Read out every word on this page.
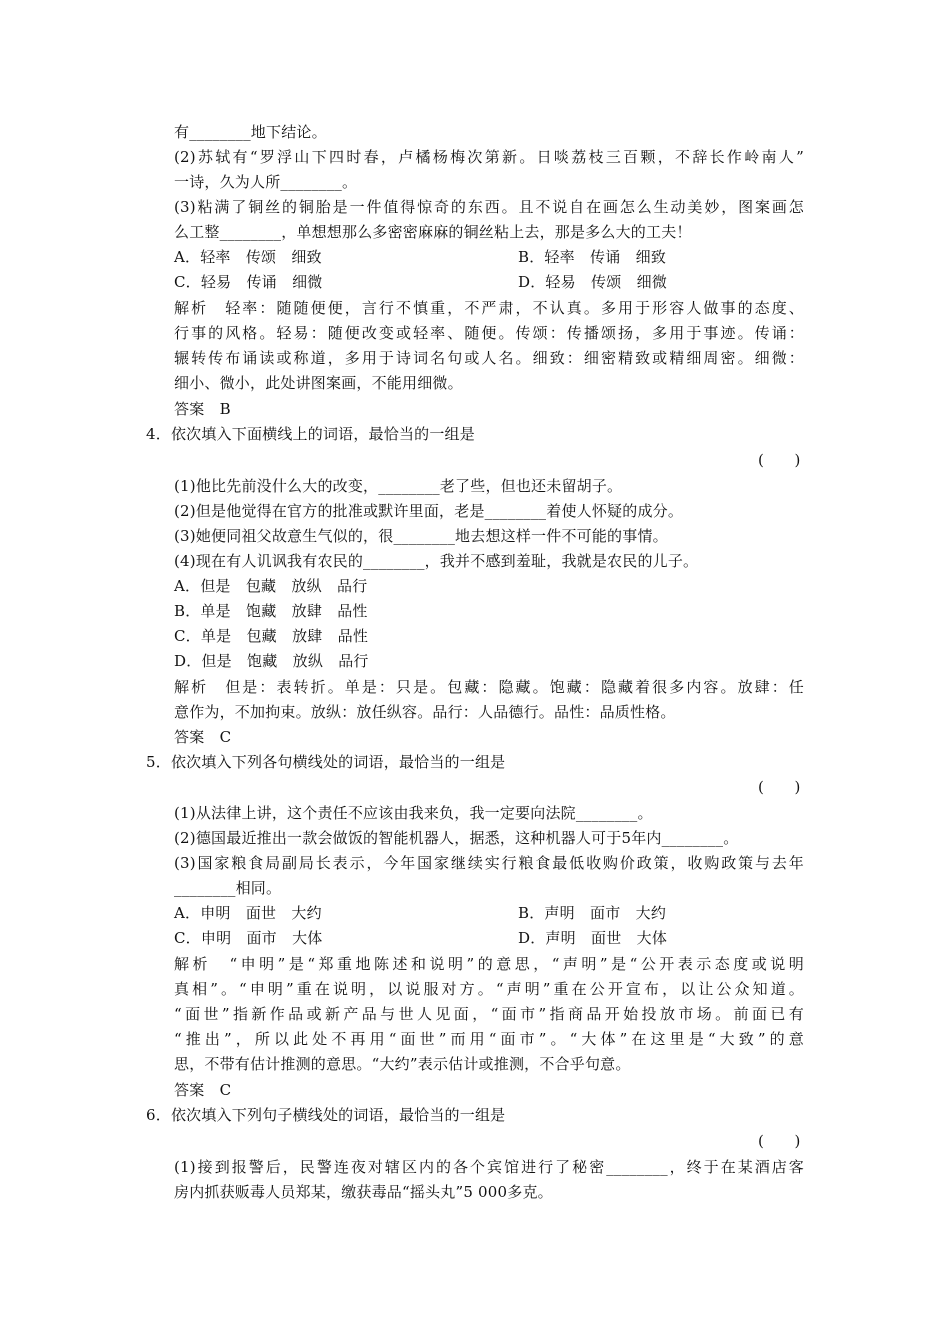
有________地下结论。
(2)苏轼有“罗浮山下四时春，卢橘杨梅次第新。日啖荔枝三百颗，不辞长作岭南人”
一诗，久为人所________。
(3)粘满了铜丝的铜胎是一件值得惊奇的东西。且不说自在画怎么生动美妙，图案画怎
么工整________，单想想那么多密密麻麻的铜丝粘上去，那是多么大的工夫！
A．轻率　传颂　细致	B．轻率　传诵　细致
C．轻易　传诵　细微	D．轻易　传颂　细微
解析　轻率：随随便便，言行不慎重，不严肃，不认真。多用于形容人做事的态度、
行事的风格。轻易：随便改变或轻率、随便。传颂：传播颂扬，多用于事迹。传诵：
辗转传布诵读或称道，多用于诗词名句或人名。细致：细密精致或精细周密。细微：
细小、微小，此处讲图案画，不能用细微。
答案　B
4．依次填入下面横线上的词语，最恰当的一组是
(　　)
(1)他比先前没什么大的改变，________老了些，但也还未留胡子。
(2)但是他觉得在官方的批准或默许里面，老是________着使人怀疑的成分。
(3)她便同祖父故意生气似的，很________地去想这样一件不可能的事情。
(4)现在有人讥讽我有农民的________，我并不感到羞耻，我就是农民的儿子。
A．但是　包藏　放纵　品行
B．单是　饱藏　放肆　品性
C．单是　包藏　放肆　品性
D．但是　饱藏　放纵　品行
解析　但是：表转折。单是：只是。包藏：隐藏。饱藏：隐藏着很多内容。放肆：任
意作为，不加拘束。放纵：放任纵容。品行：人品德行。品性：品质性格。
答案　C
5．依次填入下列各句横线处的词语，最恰当的一组是
(　　)
(1)从法律上讲，这个责任不应该由我来负，我一定要向法院________。
(2)德国最近推出一款会做饭的智能机器人，据悉，这种机器人可于5年内________。
(3)国家粮食局副局长表示，今年国家继续实行粮食最低收购价政策，收购政策与去年
________相同。
A．申明　面世　大约	B．声明　面市　大约
C．申明　面市　大体	D．声明　面世　大体
解析　“申明”是“郑重地陈述和说明”的意思，“声明”是“公开表示态度或说明
真相”。“申明”重在说明，以说服对方。“声明”重在公开宣布，以让公众知道。
“面世”指新作品或新产品与世人见面，“面市”指商品开始投放市场。前面已有
“推出”，所以此处不再用“面世”而用“面市”。“大体”在这里是“大致”的意
思，不带有估计推测的意思。“大约”表示估计或推测，不合乎句意。
答案　C
6．依次填入下列句子横线处的词语，最恰当的一组是
(　　)
(1)接到报警后，民警连夜对辖区内的各个宾馆进行了秘密________，终于在某酒店客
房内抓获贩毒人员郑某，缴获毒品“摇头丸”5 000多克。
